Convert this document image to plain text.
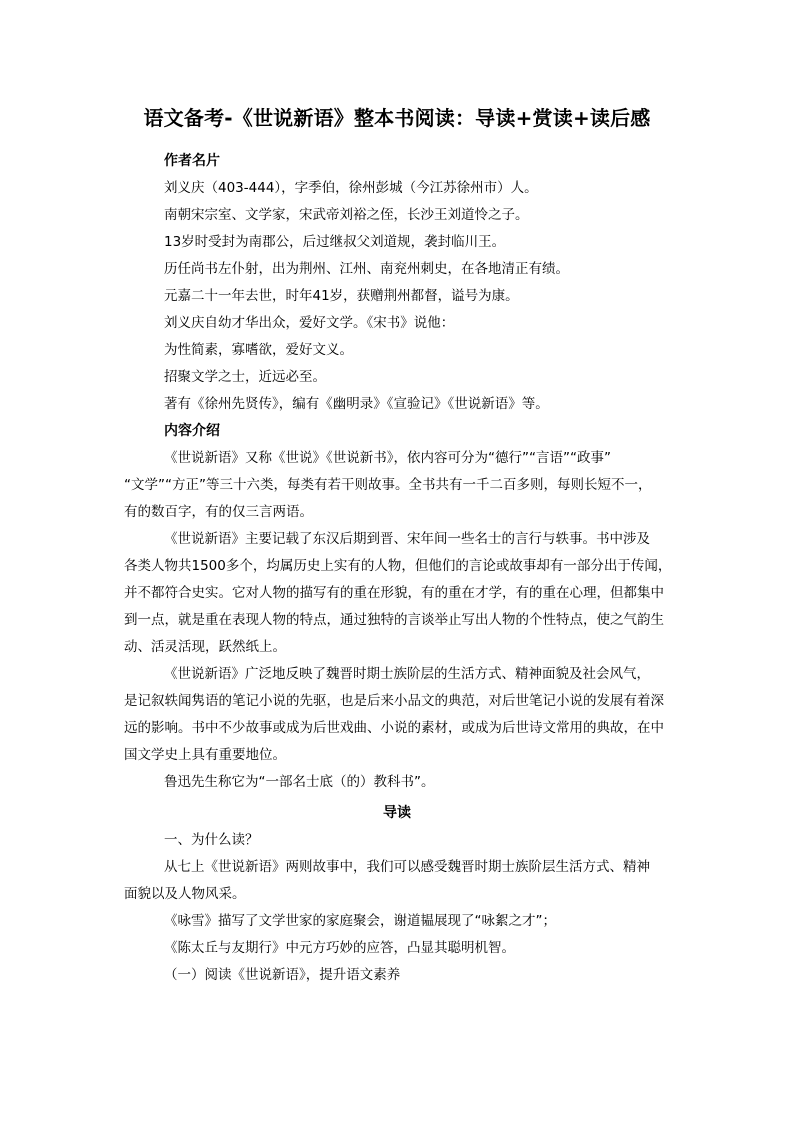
语文备考-《世说新语》整本书阅读：导读+赏读+读后感

作者名片

刘义庆（403-444），字季伯，徐州彭城（今江苏徐州市）人。

南朝宋宗室、文学家，宋武帝刘裕之侄，长沙王刘道怜之子。

13岁时受封为南郡公，后过继叔父刘道规，袭封临川王。

历任尚书左仆射，出为荆州、江州、南兖州刺史，在各地清正有绩。

元嘉二十一年去世，时年41岁，获赠荆州都督，谥号为康。

刘义庆自幼才华出众，爱好文学。《宋书》说他：

为性简素，寡嗜欲，爱好文义。

招聚文学之士，近远必至。

著有《徐州先贤传》，编有《幽明录》《宣验记》《世说新语》等。

内容介绍

《世说新语》又称《世说》《世说新书》，依内容可分为“德行”“言语”“政事”

“文学”“方正”等三十六类，每类有若干则故事。全书共有一千二百多则，每则长短不一，

有的数百字，有的仅三言两语。

《世说新语》主要记载了东汉后期到晋、宋年间一些名士的言行与轶事。书中涉及

各类人物共1500多个，均属历史上实有的人物，但他们的言论或故事却有一部分出于传闻，

并不都符合史实。它对人物的描写有的重在形貌，有的重在才学，有的重在心理，但都集中

到一点，就是重在表现人物的特点，通过独特的言谈举止写出人物的个性特点，使之气韵生

动、活灵活现，跃然纸上。

《世说新语》广泛地反映了魏晋时期士族阶层的生活方式、精神面貌及社会风气，

是记叙轶闻隽语的笔记小说的先驱，也是后来小品文的典范，对后世笔记小说的发展有着深

远的影响。书中不少故事或成为后世戏曲、小说的素材，或成为后世诗文常用的典故，在中

国文学史上具有重要地位。

鲁迅先生称它为“一部名士底（的）教科书”。

导读

一、为什么读？

从七上《世说新语》两则故事中，我们可以感受魏晋时期士族阶层生活方式、精神

面貌以及人物风采。

《咏雪》描写了文学世家的家庭聚会，谢道韫展现了“咏絮之才”；

《陈太丘与友期行》中元方巧妙的应答，凸显其聪明机智。

（一）阅读《世说新语》，提升语文素养
